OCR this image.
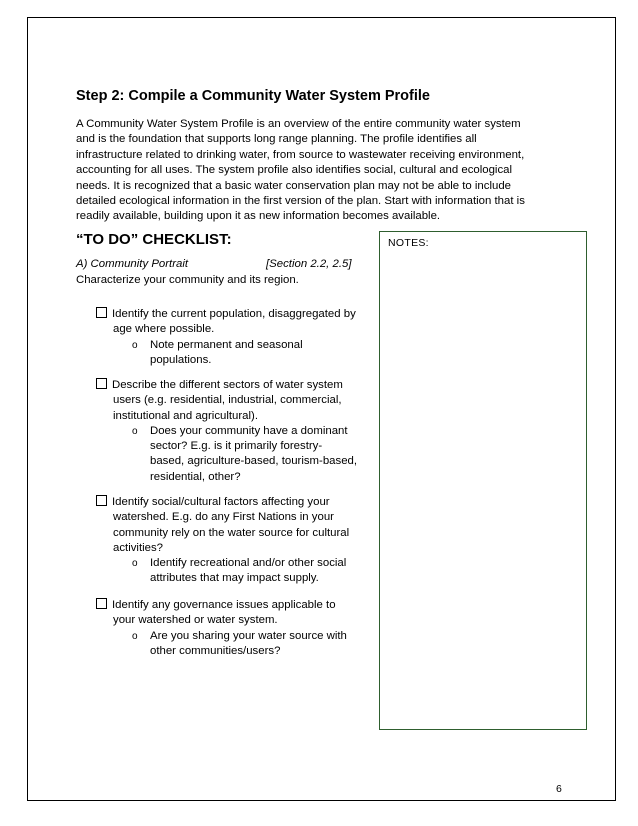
Step 2: Compile a Community Water System Profile

A Community Water System Profile is an overview of the entire community water system
and is the foundation that supports long range planning. The profile identifies all
infrastructure related to drinking water, from source to wastewater receiving environment,
accounting for all uses. The system profile also identifies social, cultural and ecological
needs. It is recognized that a basic water conservation plan may not be able to include
detailed ecological information in the first version of the plan. Start with information that is
readily available, building upon it as new information becomes available.

“TO DO” CHECKLIST:
A) Community Portrait	[Section 2.2, 2.5]
Characterize your community and its region.
Identify the current population, disaggregated by
age where possible.
o Note permanent and seasonal
populations.
Describe the different sectors of water system
users (e.g. residential, industrial, commercial,
institutional and agricultural).
o Does your community have a dominant
sector? E.g. is it primarily forestry-
based, agriculture-based, tourism-based,
residential, other?
Identify social/cultural factors affecting your
watershed. E.g. do any First Nations in your
community rely on the water source for cultural
activities?
o Identify recreational and/or other social
attributes that may impact supply.
Identify any governance issues applicable to
your watershed or water system.
o Are you sharing your water source with
other communities/users?
NOTES:
6
